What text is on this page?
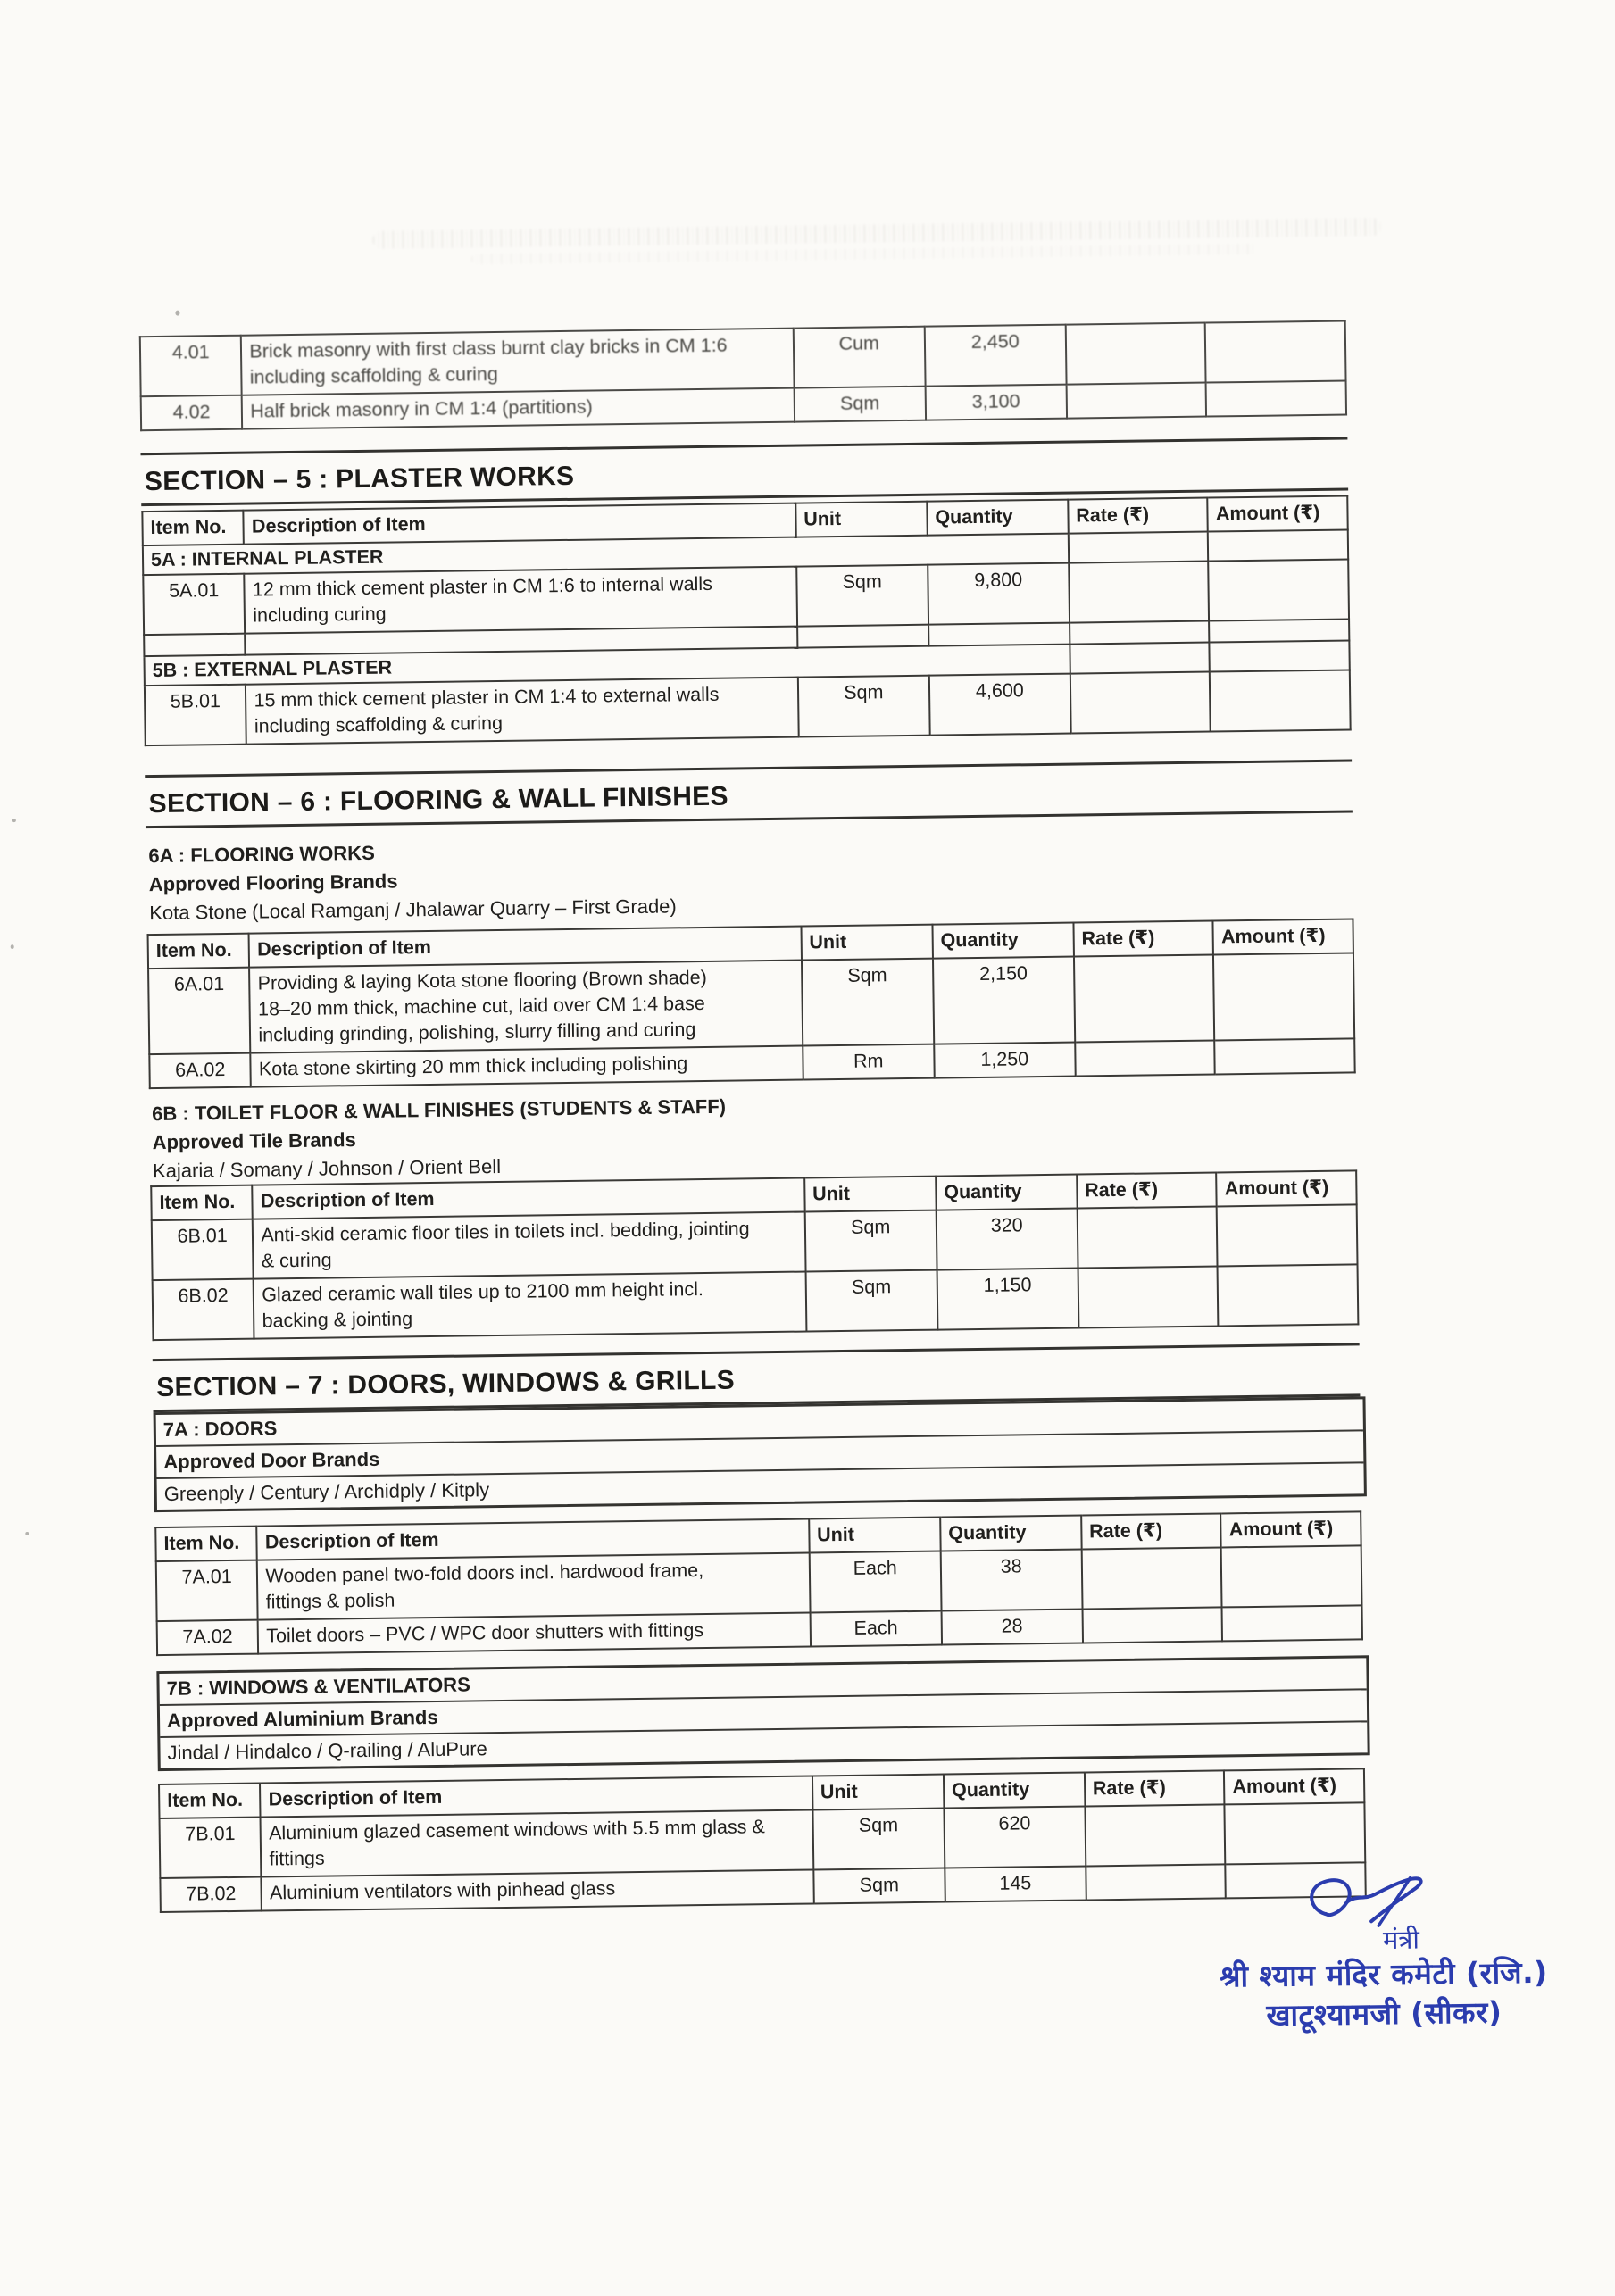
4.01	Brick masonry with first class burnt clay bricks in CM 1:6
including scaffolding & curing	Cum	2,450		
4.02	Half brick masonry in CM 1:4 (partitions)	Sqm	3,100		
SECTION – 5 : PLASTER WORKS
Item No.	Description of Item	Unit	Quantity	Rate (₹)	Amount (₹)
5A : INTERNAL PLASTER					
5A.01	12 mm thick cement plaster in CM 1:6 to internal walls
including curing	Sqm	9,800		

5B : EXTERNAL PLASTER					
5B.01	15 mm thick cement plaster in CM 1:4 to external walls
including scaffolding & curing	Sqm	4,600		
SECTION – 6 : FLOORING & WALL FINISHES
6A : FLOORING WORKS
Approved Flooring Brands
Kota Stone (Local Ramganj / Jhalawar Quarry – First Grade)
Item No.	Description of Item	Unit	Quantity	Rate (₹)	Amount (₹)
6A.01	Providing & laying Kota stone flooring (Brown shade)
18–20 mm thick, machine cut, laid over CM 1:4 base
including grinding, polishing, slurry filling and curing	Sqm	2,150		
6A.02	Kota stone skirting 20 mm thick including polishing	Rm	1,250		
6B : TOILET FLOOR & WALL FINISHES (STUDENTS & STAFF)
Approved Tile Brands
Kajaria / Somany / Johnson / Orient Bell
Item No.	Description of Item	Unit	Quantity	Rate (₹)	Amount (₹)
6B.01	Anti-skid ceramic floor tiles in toilets incl. bedding, jointing
& curing	Sqm	320		
6B.02	Glazed ceramic wall tiles up to 2100 mm height incl.
backing & jointing	Sqm	1,150		
SECTION – 7 : DOORS, WINDOWS & GRILLS
7A : DOORS
Approved Door Brands
Greenply / Century / Archidply / Kitply
Item No.	Description of Item	Unit	Quantity	Rate (₹)	Amount (₹)
7A.01	Wooden panel two-fold doors incl. hardwood frame,
fittings & polish	Each	38		
7A.02	Toilet doors – PVC / WPC door shutters with fittings	Each	28		
7B : WINDOWS & VENTILATORS
Approved Aluminium Brands
Jindal / Hindalco / Q-railing / AluPure
Item No.	Description of Item	Unit	Quantity	Rate (₹)	Amount (₹)
7B.01	Aluminium glazed casement windows with 5.5 mm glass &
fittings	Sqm	620		
7B.02	Aluminium ventilators with pinhead glass	Sqm	145		
मंत्री
श्री श्याम मंदिर कमेटी (रजि.)
खाटूश्यामजी (सीकर)
